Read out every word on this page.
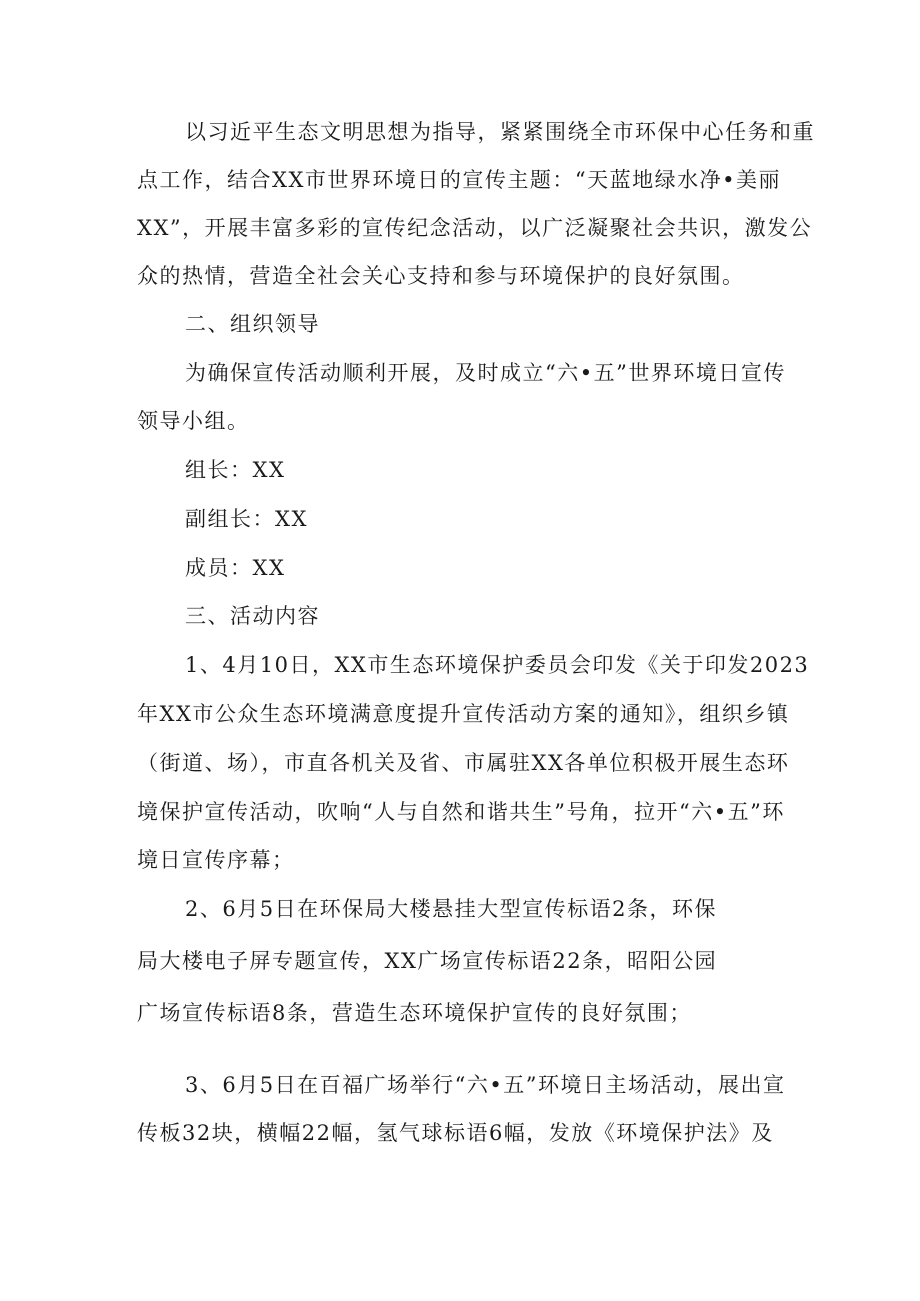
以习近平生态文明思想为指导，紧紧围绕全市环保中心任务和重
点工作，结合XX市世界环境日的宣传主题：“天蓝地绿水净•美丽
XX”，开展丰富多彩的宣传纪念活动，以广泛凝聚社会共识，激发公
众的热情，营造全社会关心支持和参与环境保护的良好氛围。
二、组织领导
为确保宣传活动顺利开展，及时成立“六•五”世界环境日宣传
领导小组。
组长：XX
副组长：XX
成员：XX
三、活动内容
1、4月10日，XX市生态环境保护委员会印发《关于印发2023
年XX市公众生态环境满意度提升宣传活动方案的通知》，组织乡镇
（街道、场），市直各机关及省、市属驻XX各单位积极开展生态环
境保护宣传活动，吹响“人与自然和谐共生”号角，拉开“六•五”环
境日宣传序幕；
2、6月5日在环保局大楼悬挂大型宣传标语2条，环保
局大楼电子屏专题宣传，XX广场宣传标语22条，昭阳公园
广场宣传标语8条，营造生态环境保护宣传的良好氛围；
3、6月5日在百福广场举行“六•五”环境日主场活动，展出宣
传板32块，横幅22幅，氢气球标语6幅，发放《环境保护法》及
